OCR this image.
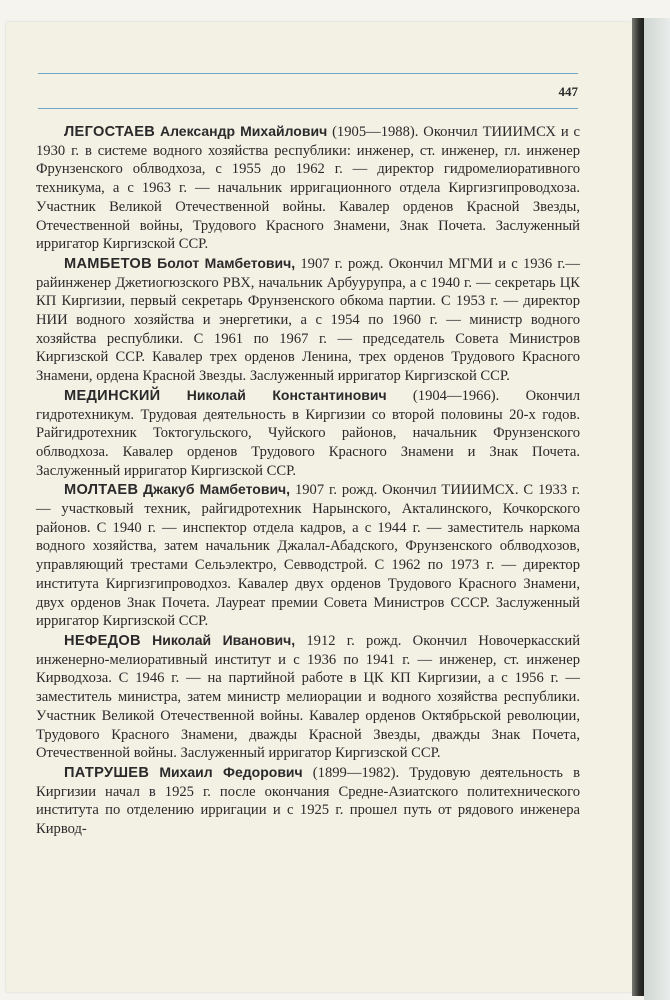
447

ЛЕГОСТАЕВ Александр Михайлович (1905—1988). Окончил ТИИИМСХ и с 1930 г. в системе водного хозяйства республики: инженер, ст. инженер, гл. инженер Фрунзенского облводхоза, с 1955 до 1962 г. — директор гидромелиоративного техникума, а с 1963 г. — начальник ирригационного отдела Киргизгипроводхоза. Участник Великой Отечественной войны. Кавалер орденов Красной Звезды, Отечественной войны, Трудового Красного Знамени, Знак Почета. Заслуженный ирригатор Киргизской ССР.

МАМБЕТОВ Болот Мамбетович, 1907 г. рожд. Окончил МГМИ и с 1936 г.— райинженер Джетиогюзского РВХ, начальник Арбуурупра, а с 1940 г. — секретарь ЦК КП Киргизии, первый секретарь Фрунзенского обкома партии. С 1953 г. — директор НИИ водного хозяйства и энергетики, а с 1954 по 1960 г. — министр водного хозяйства республики. С 1961 по 1967 г. — председатель Совета Министров Киргизской ССР. Кавалер трех орденов Ленина, трех орденов Трудового Красного Знамени, ордена Красной Звезды. Заслуженный ирригатор Киргизской ССР.

МЕДИНСКИЙ Николай Константинович (1904—1966). Окончил гидротехникум. Трудовая деятельность в Киргизии со второй половины 20-х годов. Райгидротехник Токтогульского, Чуйского районов, начальник Фрунзенского облводхоза. Кавалер орденов Трудового Красного Знамени и Знак Почета. Заслуженный ирригатор Киргизской ССР.

МОЛТАЕВ Джакуб Мамбетович, 1907 г. рожд. Окончил ТИИИМСХ. С 1933 г. — участковый техник, райгидротехник Нарынского, Акталинского, Кочкорского районов. С 1940 г. — инспектор отдела кадров, а с 1944 г. — заместитель наркома водного хозяйства, затем начальник Джалал-Абадского, Фрунзенского облводхозов, управляющий трестами Сельэлектро, Севводстрой. С 1962 по 1973 г. — директор института Киргизгипроводхоз. Кавалер двух орденов Трудового Красного Знамени, двух орденов Знак Почета. Лауреат премии Совета Министров СССР. Заслуженный ирригатор Киргизской ССР.

НЕФЕДОВ Николай Иванович, 1912 г. рожд. Окончил Новочеркасский инженерно-мелиоративный институт и с 1936 по 1941 г. — инженер, ст. инженер Кирводхоза. С 1946 г. — на партийной работе в ЦК КП Киргизии, а с 1956 г. — заместитель министра, затем министр мелиорации и водного хозяйства республики. Участник Великой Отечественной войны. Кавалер орденов Октябрьской революции, Трудового Красного Знамени, дважды Красной Звезды, дважды Знак Почета, Отечественной войны. Заслуженный ирригатор Киргизской ССР.

ПАТРУШЕВ Михаил Федорович (1899—1982). Трудовую деятельность в Киргизии начал в 1925 г. после окончания Средне-Азиатского политехнического института по отделению ирригации и с 1925 г. прошел путь от рядового инженера Кирвод-
